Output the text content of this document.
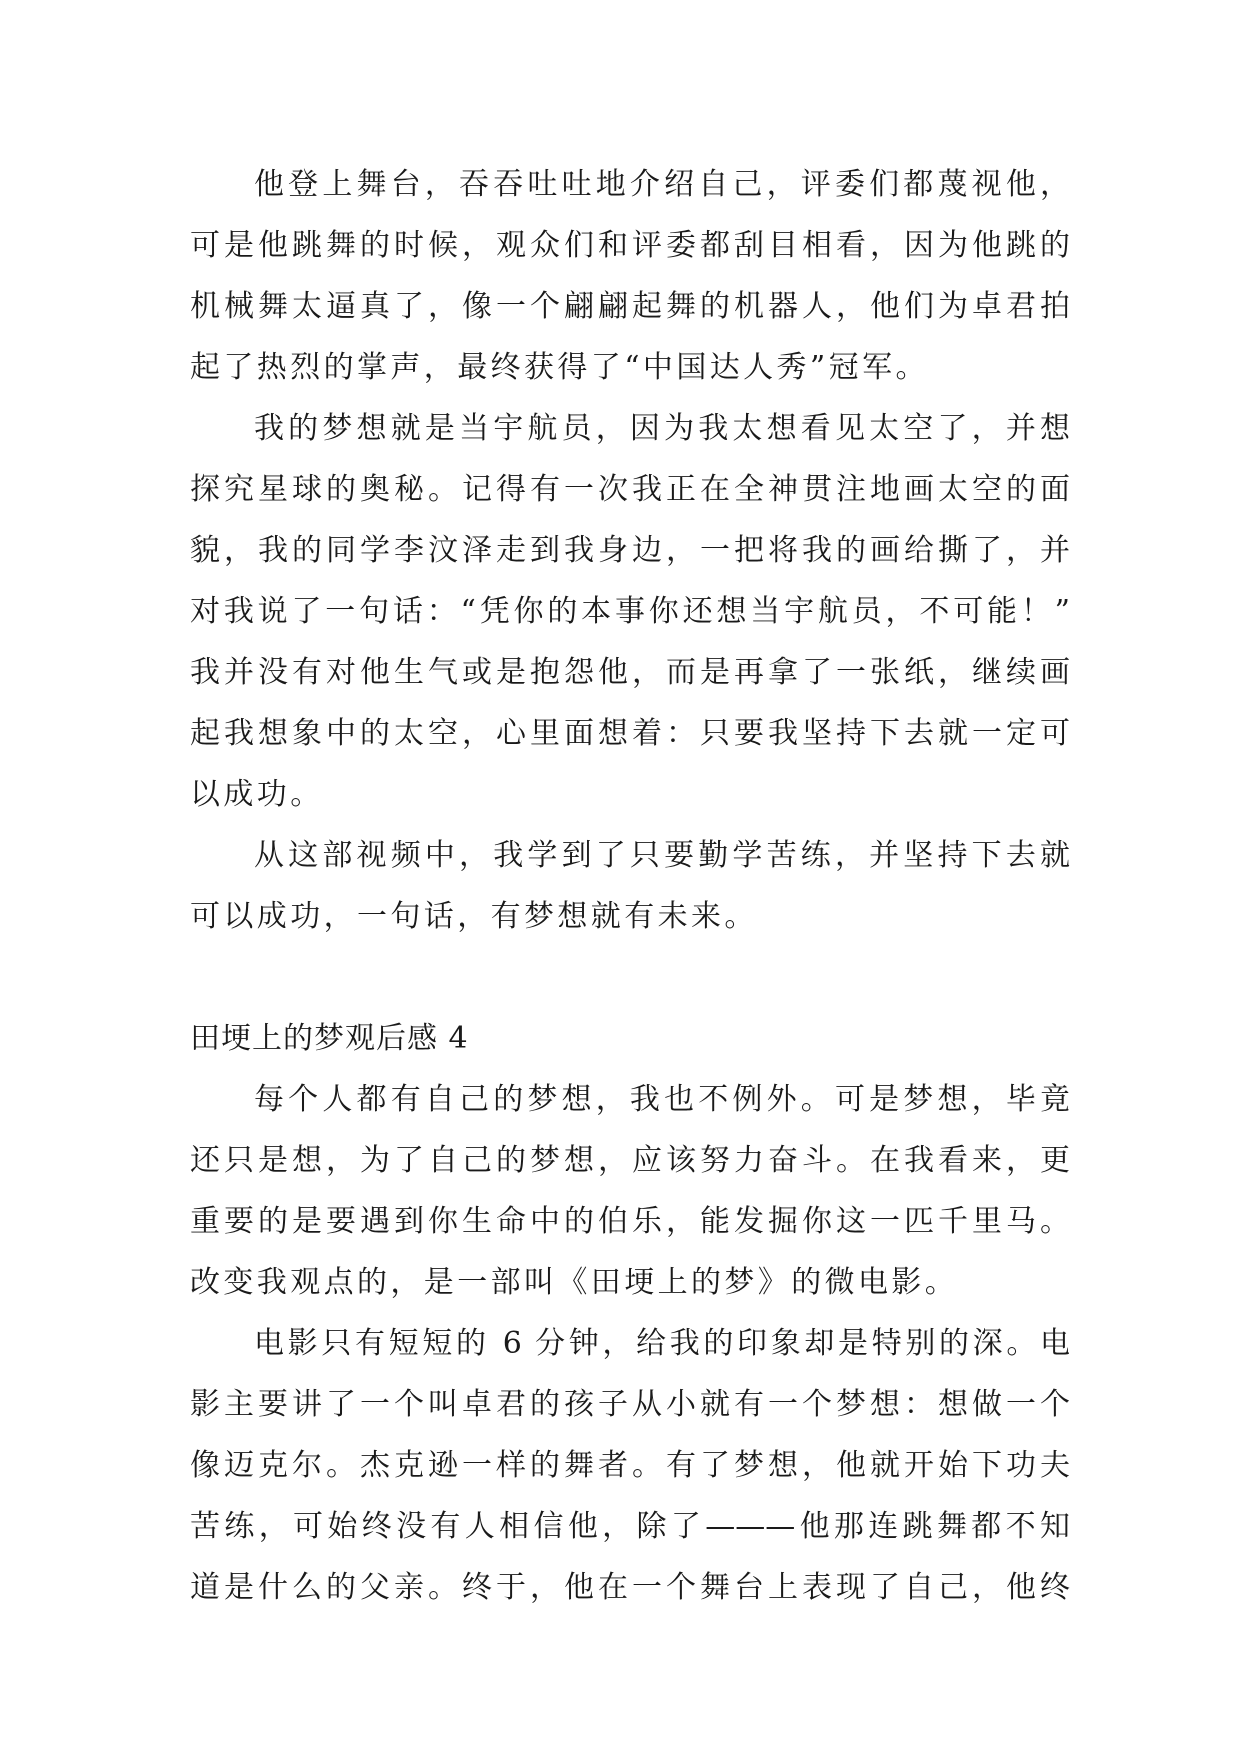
他登上舞台，吞吞吐吐地介绍自己，评委们都蔑视他，
可是他跳舞的时候，观众们和评委都刮目相看，因为他跳的
机械舞太逼真了，像一个翩翩起舞的机器人，他们为卓君拍
起了热烈的掌声，最终获得了“中国达人秀”冠军。
我的梦想就是当宇航员，因为我太想看见太空了，并想
探究星球的奥秘。记得有一次我正在全神贯注地画太空的面
貌，我的同学李汶泽走到我身边，一把将我的画给撕了，并
对我说了一句话：“凭你的本事你还想当宇航员，不可能！”
我并没有对他生气或是抱怨他，而是再拿了一张纸，继续画
起我想象中的太空，心里面想着：只要我坚持下去就一定可
以成功。
从这部视频中，我学到了只要勤学苦练，并坚持下去就
可以成功，一句话，有梦想就有未来。
田埂上的梦观后感 4
每个人都有自己的梦想，我也不例外。可是梦想，毕竟
还只是想，为了自己的梦想，应该努力奋斗。在我看来，更
重要的是要遇到你生命中的伯乐，能发掘你这一匹千里马。
改变我观点的，是一部叫《田埂上的梦》的微电影。
电影只有短短的 6 分钟，给我的印象却是特别的深。电
影主要讲了一个叫卓君的孩子从小就有一个梦想：想做一个
像迈克尔。杰克逊一样的舞者。有了梦想，他就开始下功夫
苦练，可始终没有人相信他，除了———他那连跳舞都不知
道是什么的父亲。终于，他在一个舞台上表现了自己，他终
